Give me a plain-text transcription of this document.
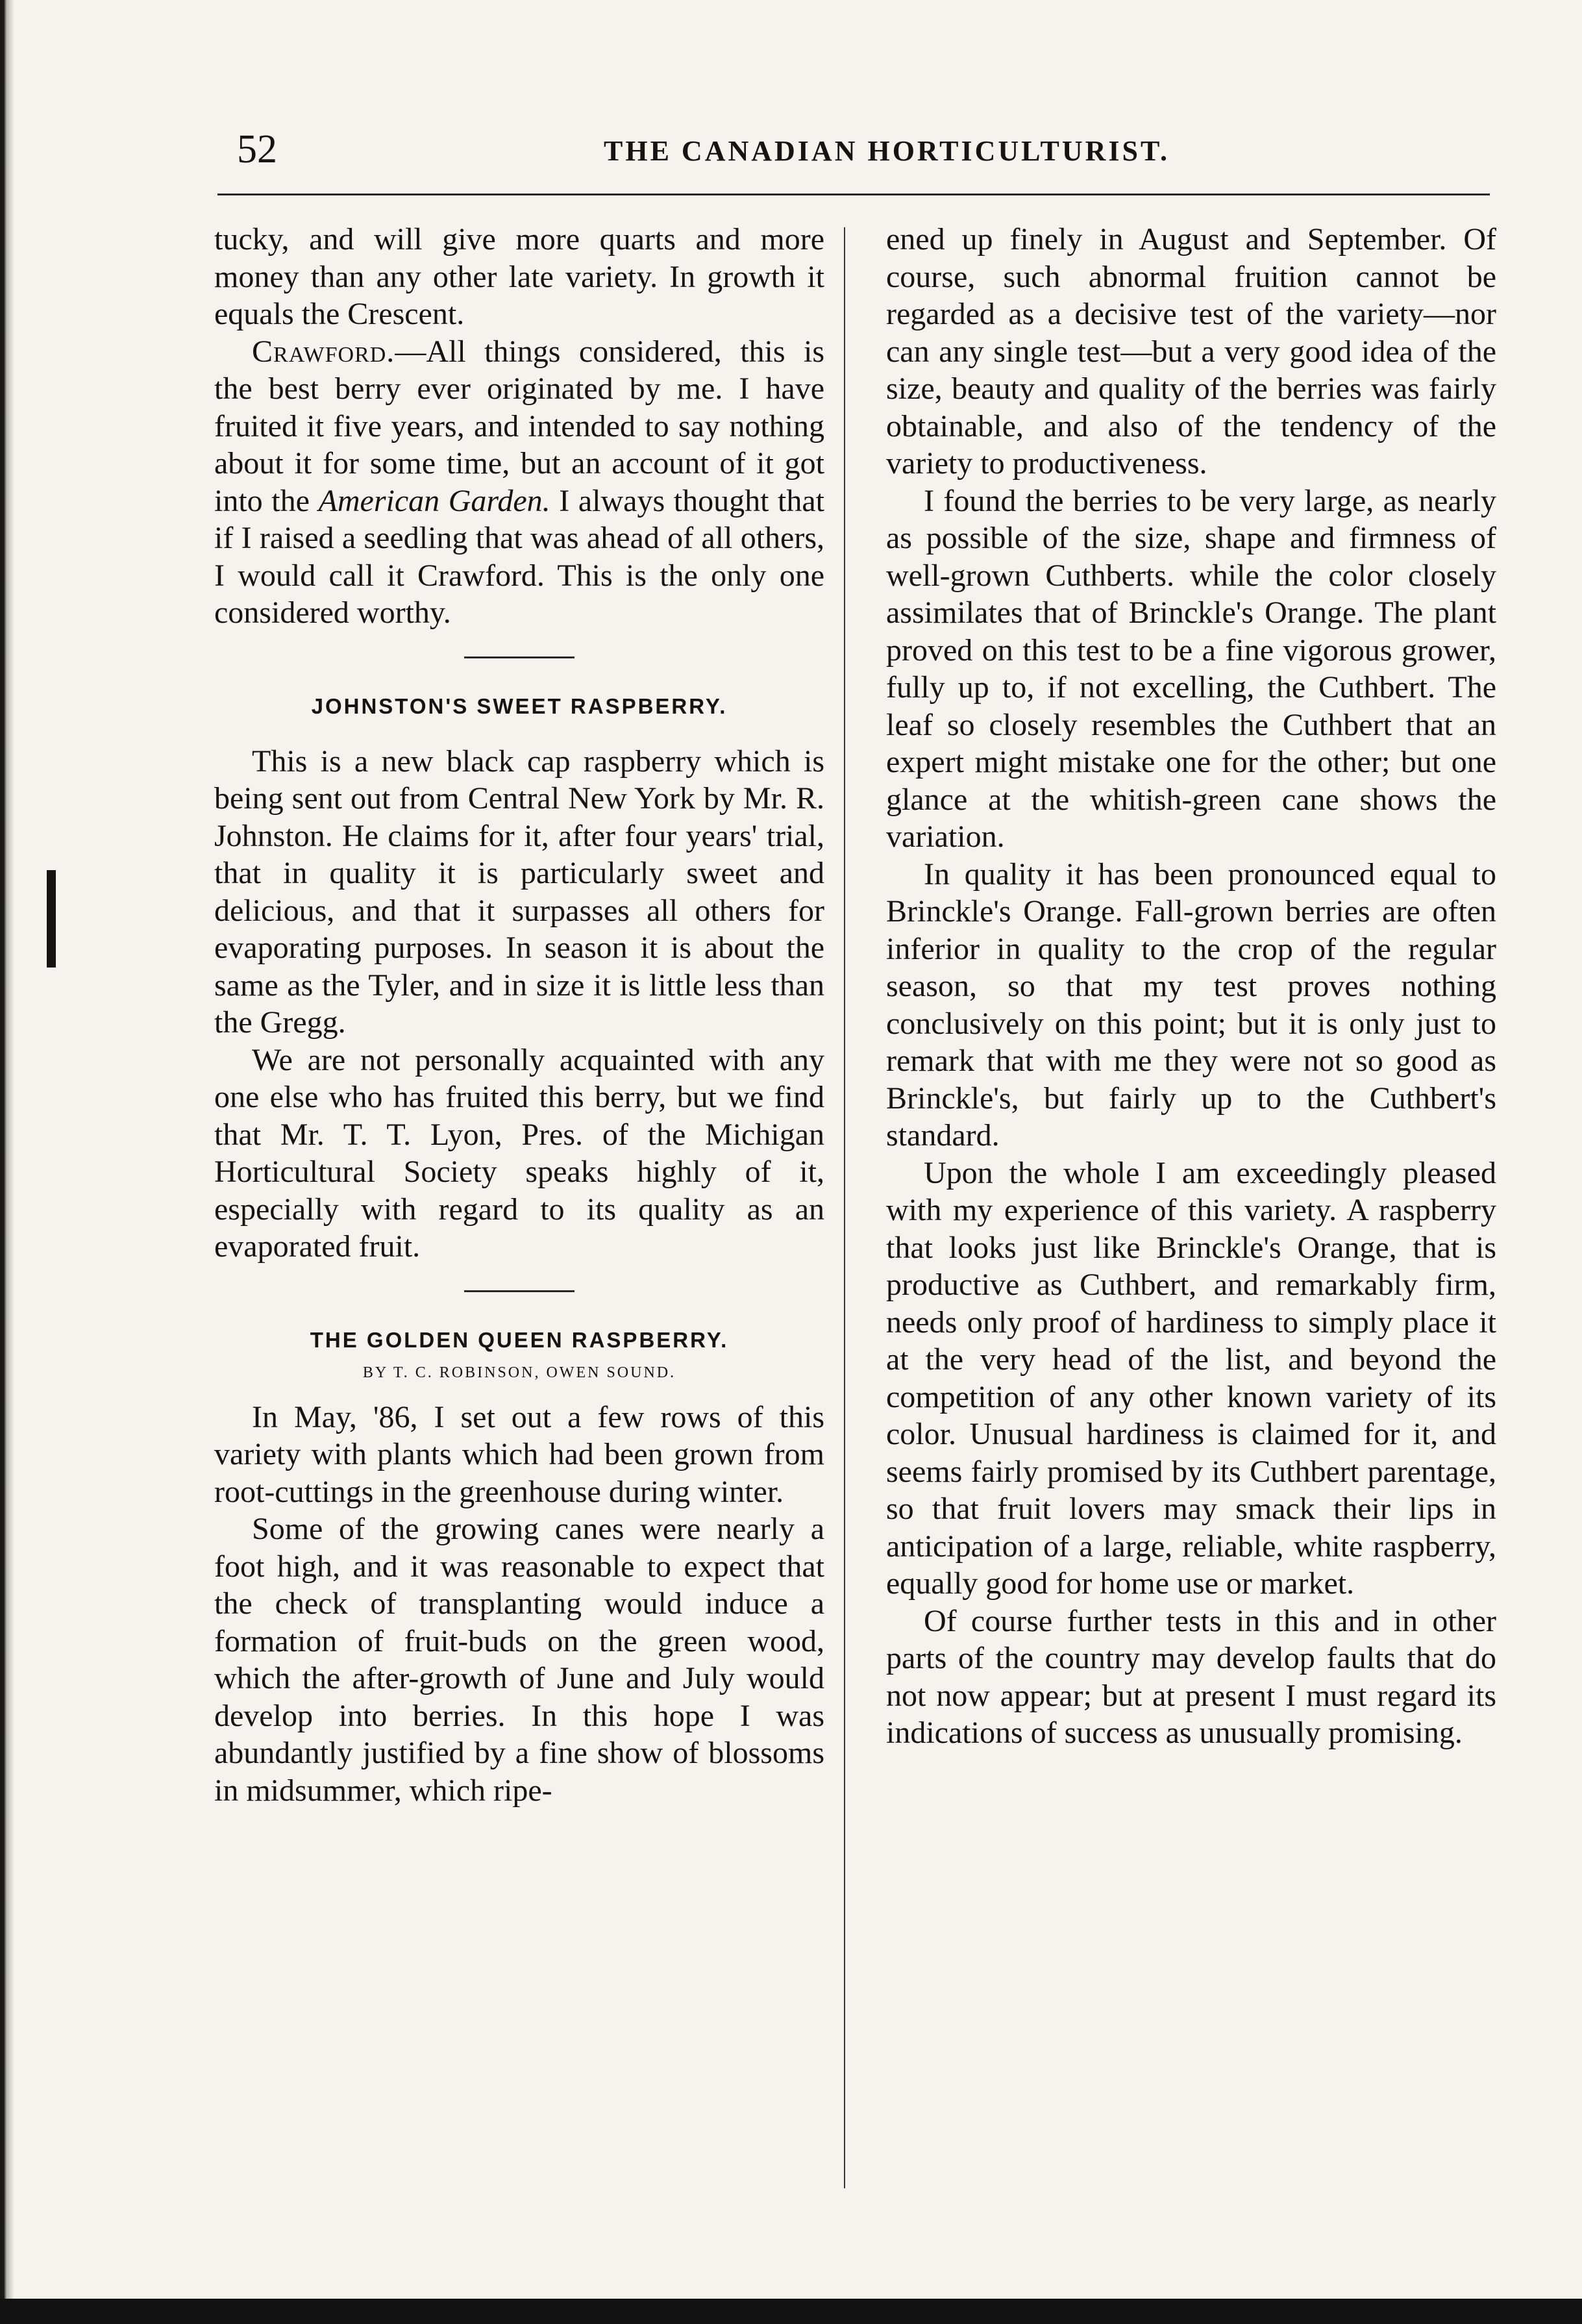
52	THE CANADIAN HORTICULTURIST.

tucky, and will give more quarts and more money than any other late variety. In growth it equals the Crescent.

Crawford.—All things considered, this is the best berry ever originated by me. I have fruited it five years, and intended to say nothing about it for some time, but an account of it got into the American Garden. I always thought that if I raised a seedling that was ahead of all others, I would call it Crawford. This is the only one considered worthy.

JOHNSTON'S SWEET RASPBERRY.

This is a new black cap raspberry which is being sent out from Central New York by Mr. R. Johnston. He claims for it, after four years' trial, that in quality it is particularly sweet and delicious, and that it surpasses all others for evaporating purposes. In season it is about the same as the Tyler, and in size it is little less than the Gregg.

We are not personally acquainted with any one else who has fruited this berry, but we find that Mr. T. T. Lyon, Pres. of the Michigan Horticultural Society speaks highly of it, especially with regard to its quality as an evaporated fruit.

THE GOLDEN QUEEN RASPBERRY.
BY T. C. ROBINSON, OWEN SOUND.

In May, '86, I set out a few rows of this variety with plants which had been grown from root-cuttings in the greenhouse during winter.

Some of the growing canes were nearly a foot high, and it was reasonable to expect that the check of transplanting would induce a formation of fruit-buds on the green wood, which the after-growth of June and July would develop into berries. In this hope I was abundantly justified by a fine show of blossoms in midsummer, which ripe-

ened up finely in August and September. Of course, such abnormal fruition cannot be regarded as a decisive test of the variety—nor can any single test—but a very good idea of the size, beauty and quality of the berries was fairly obtainable, and also of the tendency of the variety to productiveness.

I found the berries to be very large, as nearly as possible of the size, shape and firmness of well-grown Cuthberts. while the color closely assimilates that of Brinckle's Orange. The plant proved on this test to be a fine vigorous grower, fully up to, if not excelling, the Cuthbert. The leaf so closely resembles the Cuthbert that an expert might mistake one for the other; but one glance at the whitish-green cane shows the variation.

In quality it has been pronounced equal to Brinckle's Orange. Fall-grown berries are often inferior in quality to the crop of the regular season, so that my test proves nothing conclusively on this point; but it is only just to remark that with me they were not so good as Brinckle's, but fairly up to the Cuthbert's standard.

Upon the whole I am exceedingly pleased with my experience of this variety. A raspberry that looks just like Brinckle's Orange, that is productive as Cuthbert, and remarkably firm, needs only proof of hardiness to simply place it at the very head of the list, and beyond the competition of any other known variety of its color. Unusual hardiness is claimed for it, and seems fairly promised by its Cuthbert parentage, so that fruit lovers may smack their lips in anticipation of a large, reliable, white raspberry, equally good for home use or market.

Of course further tests in this and in other parts of the country may develop faults that do not now appear; but at present I must regard its indications of success as unusually promising.
